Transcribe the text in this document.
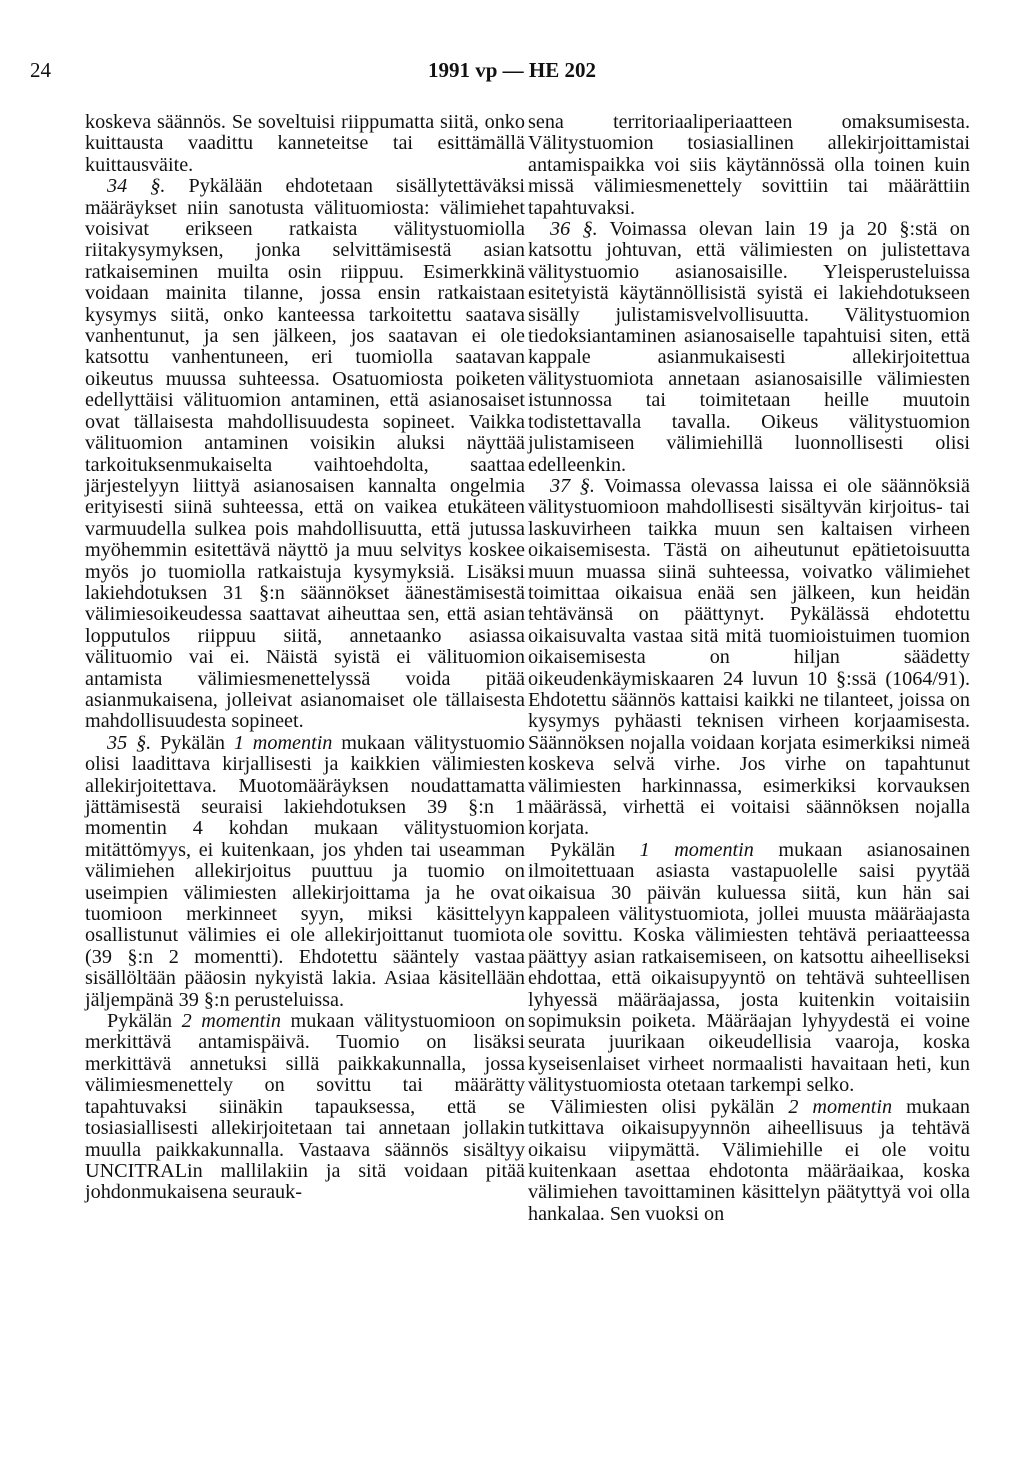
24	1991 vp — HE 202

koskeva säännös. Se soveltuisi riippumatta siitä, onko kuittausta vaadittu kanneteitse tai esittämällä kuittausväite.

34 §. Pykälään ehdotetaan sisällytettäväksi määräykset niin sanotusta välituomiosta: välimiehet voisivat erikseen ratkaista välitystuomiolla riitakysymyksen, jonka selvittämisestä asian ratkaiseminen muilta osin riippuu. Esimerkkinä voidaan mainita tilanne, jossa ensin ratkaistaan kysymys siitä, onko kanteessa tarkoitettu saatava vanhentunut, ja sen jälkeen, jos saatavan ei ole katsottu vanhentuneen, eri tuomiolla saatavan oikeutus muussa suhteessa. Osatuomiosta poiketen edellyttäisi välituomion antaminen, että asianosaiset ovat tällaisesta mahdollisuudesta sopineet. Vaikka välituomion antaminen voisikin aluksi näyttää tarkoituksenmukaiselta vaihtoehdolta, saattaa järjestelyyn liittyä asianosaisen kannalta ongelmia erityisesti siinä suhteessa, että on vaikea etukäteen varmuudella sulkea pois mahdollisuutta, että jutussa myöhemmin esitettävä näyttö ja muu selvitys koskee myös jo tuomiolla ratkaistuja kysymyksiä. Lisäksi lakiehdotuksen 31 §:n säännökset äänestämisestä välimiesoikeudessa saattavat aiheuttaa sen, että asian lopputulos riippuu siitä, annetaanko asiassa välituomio vai ei. Näistä syistä ei välituomion antamista välimiesmenettelyssä voida pitää asianmukaisena, jolleivat asianomaiset ole tällaisesta mahdollisuudesta sopineet.

35 §. Pykälän 1 momentin mukaan välitystuomio olisi laadittava kirjallisesti ja kaikkien välimiesten allekirjoitettava. Muotomääräyksen noudattamatta jättämisestä seuraisi lakiehdotuksen 39 §:n 1 momentin 4 kohdan mukaan välitystuomion mitättömyys, ei kuitenkaan, jos yhden tai useamman välimiehen allekirjoitus puuttuu ja tuomio on useimpien välimiesten allekirjoittama ja he ovat tuomioon merkinneet syyn, miksi käsittelyyn osallistunut välimies ei ole allekirjoittanut tuomiota (39 §:n 2 momentti). Ehdotettu sääntely vastaa sisällöltään pääosin nykyistä lakia. Asiaa käsitellään jäljempänä 39 §:n perusteluissa.

Pykälän 2 momentin mukaan välitystuomioon on merkittävä antamispäivä. Tuomio on lisäksi merkittävä annetuksi sillä paikkakunnalla, jossa välimiesmenettely on sovittu tai määrätty tapahtuvaksi siinäkin tapauksessa, että se tosiasiallisesti allekirjoitetaan tai annetaan jollakin muulla paikkakunnalla. Vastaava säännös sisältyy UNCITRALin mallilakiin ja sitä voidaan pitää johdonmukaisena seurauk-

sena territoriaaliperiaatteen omaksumisesta. Välitystuomion tosiasiallinen allekirjoittamistai antamispaikka voi siis käytännössä olla toinen kuin missä välimiesmenettely sovittiin tai määrättiin tapahtuvaksi.

36 §. Voimassa olevan lain 19 ja 20 §:stä on katsottu johtuvan, että välimiesten on julistettava välitystuomio asianosaisille. Yleisperusteluissa esitetyistä käytännöllisistä syistä ei lakiehdotukseen sisälly julistamisvelvollisuutta. Välitystuomion tiedoksiantaminen asianosaiselle tapahtuisi siten, että kappale asianmukaisesti allekirjoitettua välitystuomiota annetaan asianosaisille välimiesten istunnossa tai toimitetaan heille muutoin todistettavalla tavalla. Oikeus välitystuomion julistamiseen välimiehillä luonnollisesti olisi edelleenkin.

37 §. Voimassa olevassa laissa ei ole säännöksiä välitystuomioon mahdollisesti sisältyvän kirjoitus- tai laskuvirheen taikka muun sen kaltaisen virheen oikaisemisesta. Tästä on aiheutunut epätietoisuutta muun muassa siinä suhteessa, voivatko välimiehet toimittaa oikaisua enää sen jälkeen, kun heidän tehtävänsä on päättynyt. Pykälässä ehdotettu oikaisuvalta vastaa sitä mitä tuomioistuimen tuomion oikaisemisesta on hiljan säädetty oikeudenkäymiskaaren 24 luvun 10 §:ssä (1064/91). Ehdotettu säännös kattaisi kaikki ne tilanteet, joissa on kysymys pyhäasti teknisen virheen korjaamisesta. Säännöksen nojalla voidaan korjata esimerkiksi nimeä koskeva selvä virhe. Jos virhe on tapahtunut välimiesten harkinnassa, esimerkiksi korvauksen määrässä, virhettä ei voitaisi säännöksen nojalla korjata.

Pykälän 1 momentin mukaan asianosainen ilmoitettuaan asiasta vastapuolelle saisi pyytää oikaisua 30 päivän kuluessa siitä, kun hän sai kappaleen välitystuomiota, jollei muusta määräajasta ole sovittu. Koska välimiesten tehtävä periaatteessa päättyy asian ratkaisemiseen, on katsottu aiheelliseksi ehdottaa, että oikaisupyyntö on tehtävä suhteellisen lyhyessä määräajassa, josta kuitenkin voitaisiin sopimuksin poiketa. Määräajan lyhyydestä ei voine seurata juurikaan oikeudellisia vaaroja, koska kyseisenlaiset virheet normaalisti havaitaan heti, kun välitystuomiosta otetaan tarkempi selko.

Välimiesten olisi pykälän 2 momentin mukaan tutkittava oikaisupyynnön aiheellisuus ja tehtävä oikaisu viipymättä. Välimiehille ei ole voitu kuitenkaan asettaa ehdotonta määräaikaa, koska välimiehen tavoittaminen käsittelyn päätyttyä voi olla hankalaa. Sen vuoksi on
